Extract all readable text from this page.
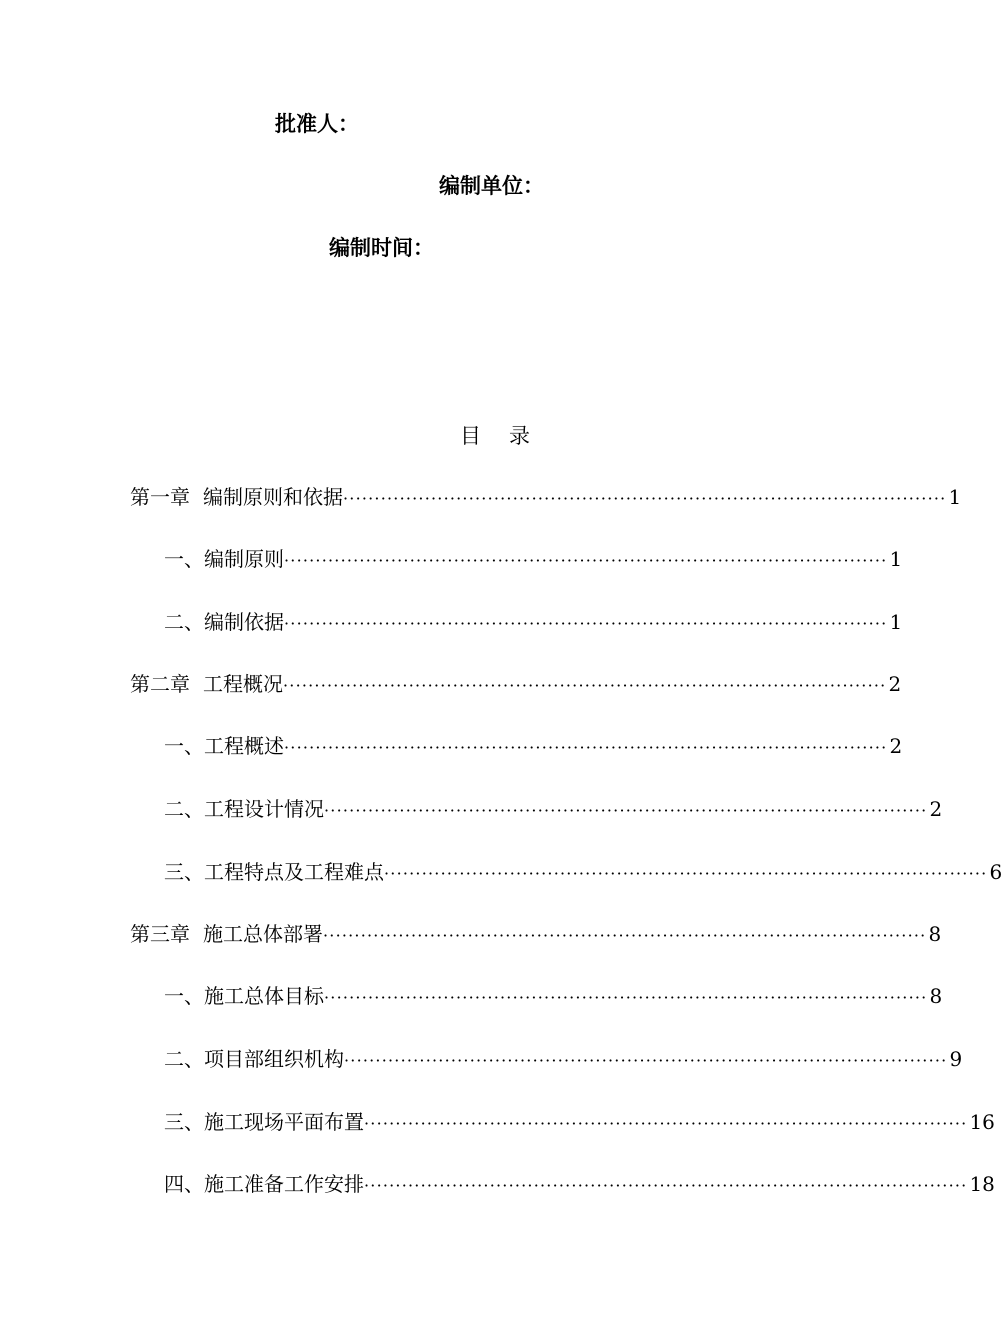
批准人：
编制单位：
编制时间：
目 录
第一章 编制原则和依据 ································································································ 1
一、编制原则 ································································································ 1
二、编制依据 ································································································ 1
第二章 工程概况 ································································································ 2
一、工程概述 ································································································ 2
二、工程设计情况 ································································································ 2
三、工程特点及工程难点 ································································································ 6
第三章 施工总体部署 ································································································ 8
一、施工总体目标 ································································································ 8
二、项目部组织机构 ································································································ 9
三、施工现场平面布置 ································································································ 16
四、施工准备工作安排 ································································································ 18
